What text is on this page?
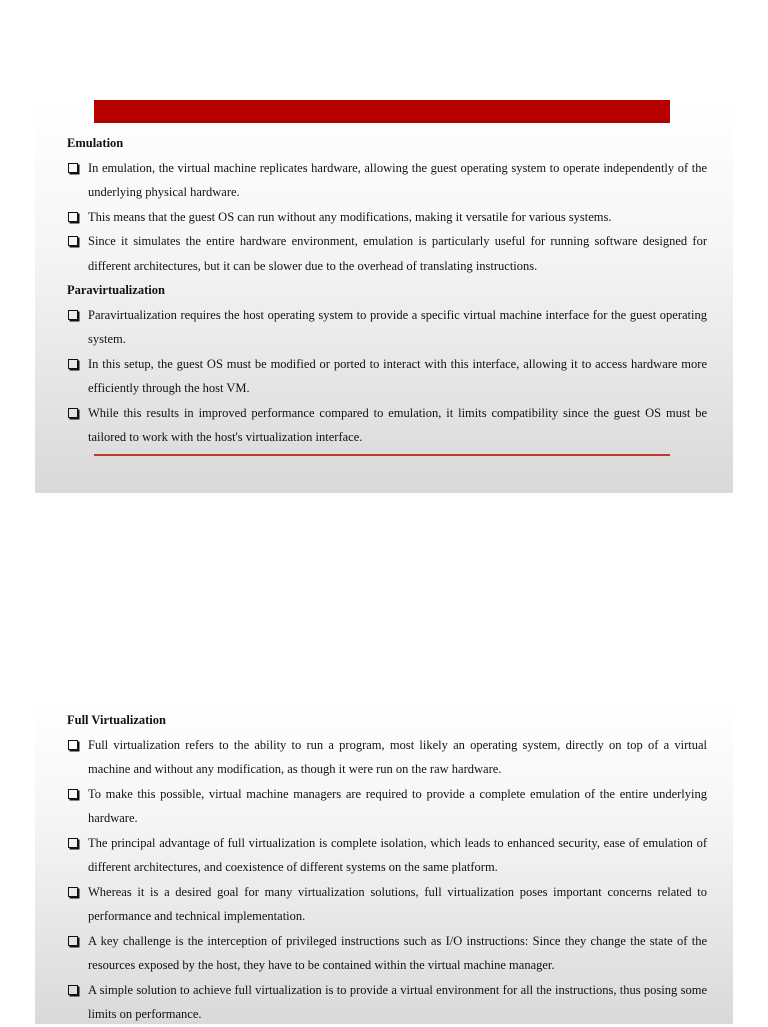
Emulation

In emulation, the virtual machine replicates hardware, allowing the guest operating system to operate independently of the underlying physical hardware.
This means that the guest OS can run without any modifications, making it versatile for various systems.
Since it simulates the entire hardware environment, emulation is particularly useful for running software designed for different architectures, but it can be slower due to the overhead of translating instructions.

Paravirtualization

Paravirtualization requires the host operating system to provide a specific virtual machine interface for the guest operating system.
In this setup, the guest OS must be modified or ported to interact with this interface, allowing it to access hardware more efficiently through the host VM.
While this results in improved performance compared to emulation, it limits compatibility since the guest OS must be tailored to work with the host's virtualization interface.

Full Virtualization

Full virtualization refers to the ability to run a program, most likely an operating system, directly on top of a virtual machine and without any modification, as though it were run on the raw hardware.
To make this possible, virtual machine managers are required to provide a complete emulation of the entire underlying hardware.
The principal advantage of full virtualization is complete isolation, which leads to enhanced security, ease of emulation of different architectures, and coexistence of different systems on the same platform.
Whereas it is a desired goal for many virtualization solutions, full virtualization poses important concerns related to performance and technical implementation.
A key challenge is the interception of privileged instructions such as I/O instructions: Since they change the state of the resources exposed by the host, they have to be contained within the virtual machine manager.
A simple solution to achieve full virtualization is to provide a virtual environment for all the instructions, thus posing some limits on performance.
